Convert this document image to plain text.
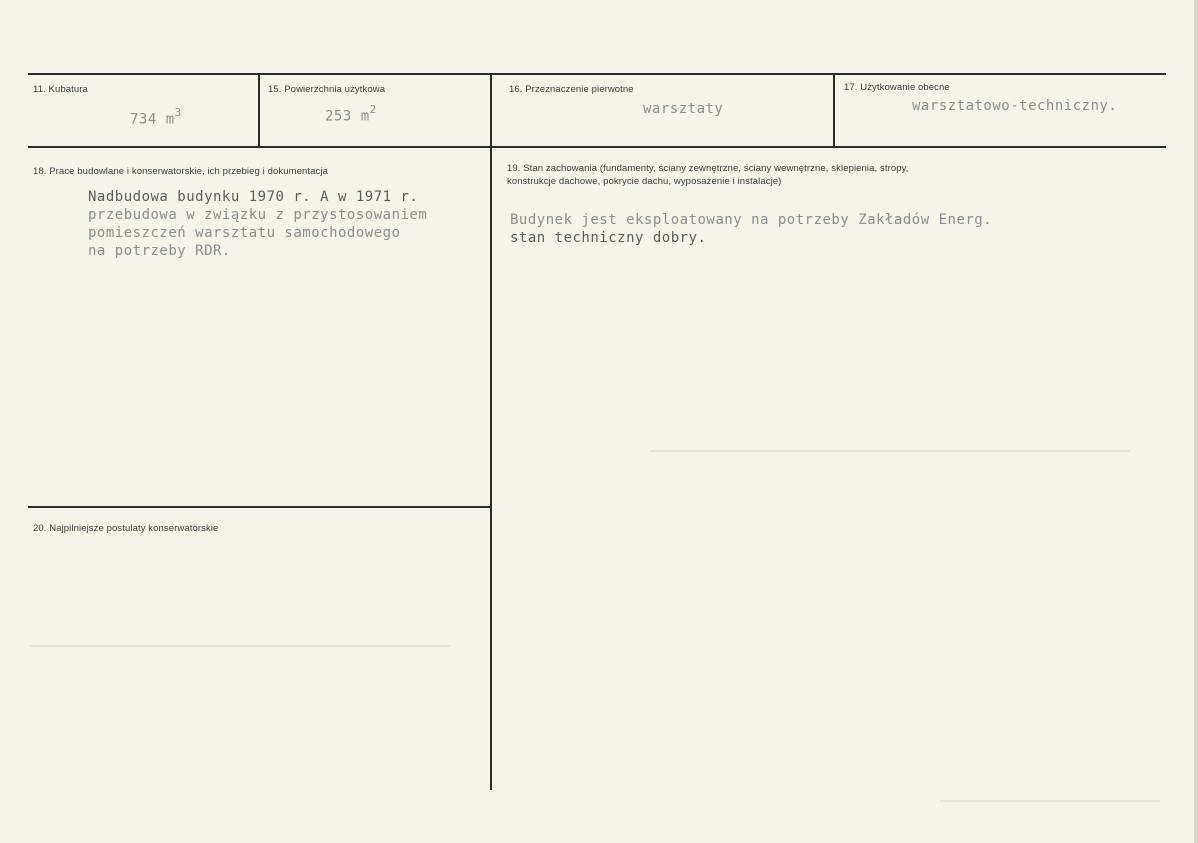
11. Kubatura
734 $m^3$
15. Powierzchnia użytkowa
253 $m^2$
16. Przeznaczenie pierwotne
warsztaty
17. Użytkowanie obecne
warsztatowo-techniczny.
18. Prace budowlane i konserwatorskie, ich przebieg i dokumentacja
Nadbudowa budynku 1970 r. A w 1971 r.
przebudowa w związku z przystosowaniem
pomieszczeń warsztatu samochodowego
na potrzeby RDR.
19. Stan zachowania (fundamenty, ściany zewnętrzne, ściany wewnętrzne, sklepienia, stropy,
konstrukcje dachowe, pokrycie dachu, wyposażenie i instalacje)
Budynek jest eksploatowany na potrzeby Zakładów Energ.
stan techniczny dobry.
20. Najpilniejsze postulaty konserwatorskie
